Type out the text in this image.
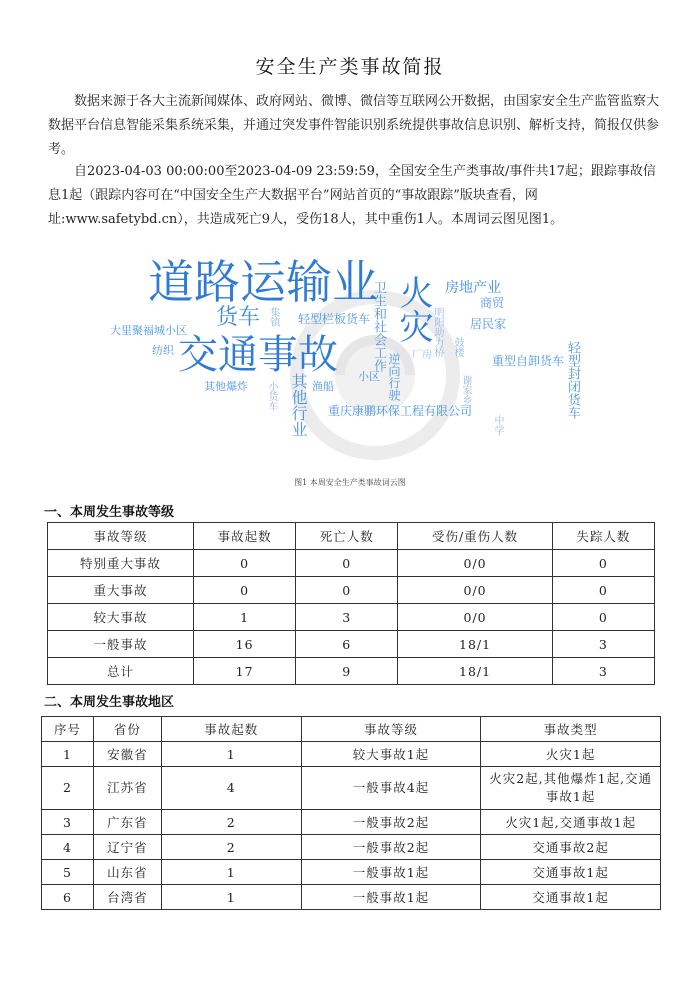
安全生产类事故简报

数据来源于各大主流新闻媒体、政府网站、微博、微信等互联网公开数据，由国家安全生产监管监察大数据平台信息智能采集系统采集，并通过突发事件智能识别系统提供事故信息识别、解析支持，简报仅供参考。

自2023-04-03 00:00:00至2023-04-09 23:59:59，全国安全生产类事故/事件共17起；跟踪事故信息1起（跟踪内容可在“中国安全生产大数据平台”网站首页的“事故跟踪”版块查看，网址:www.safetybd.cn），共造成死亡9人，受伤18人，其中重伤1人。本周词云图见图1。

道路运输业
交通事故
火灾
货车
房地产业
商贸
居民家
大里聚福城小区
轻型栏板货车
纺织
其他爆炸
卫生和社会工作	重型自卸货车 轻型封闭货车
其他行业 渔船
小区
重庆康鹏环保工程有限公司
逆向行驶 厂房
小货车
集镇	明阳助力桥 鼓楼
谢家乡
中学
图1 本周安全生产类事故词云图
一、本周发生事故等级
事故等级	事故起数	死亡人数	受伤/重伤人数	失踪人数
特别重大事故	0	0	0/0	0
重大事故	0	0	0/0	0
较大事故	1	3	0/0	0
一般事故	16	6	18/1	3
总计	17	9	18/1	3
二、本周发生事故地区
序号	省份	事故起数	事故等级	事故类型
1	安徽省	1	较大事故1起	火灾1起
2	江苏省	4	一般事故4起	火灾2起,其他爆炸1起,交通事故1起
3	广东省	2	一般事故2起	火灾1起,交通事故1起
4	辽宁省	2	一般事故2起	交通事故2起
5	山东省	1	一般事故1起	交通事故1起
6	台湾省	1	一般事故1起	交通事故1起
